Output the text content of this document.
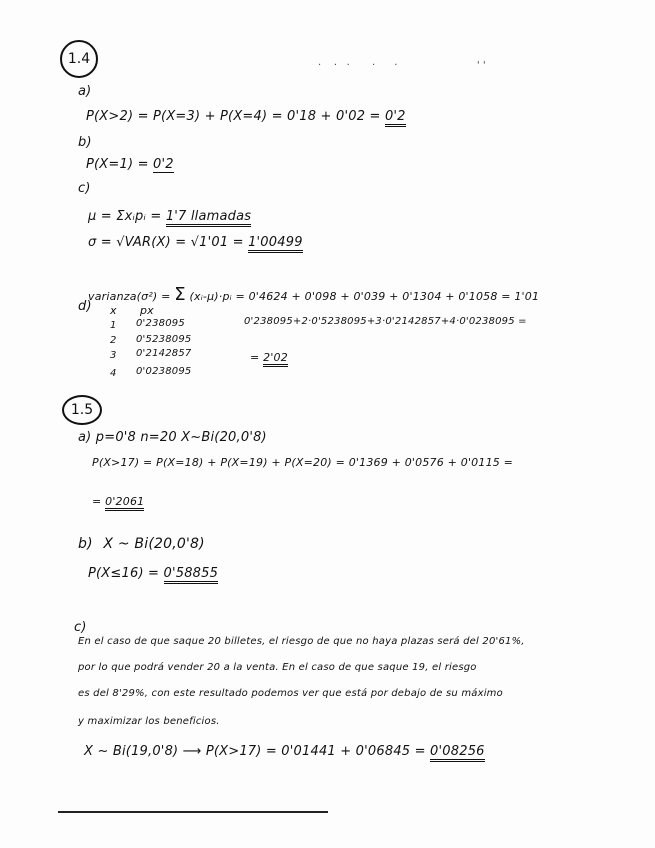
·    ·   ·       ·      ·                         ' '
1.4
a)
P(X>2) = P(X=3) + P(X=4) = 0'18 + 0'02 = 0'2
b)
P(X=1) = 0'2
c)
μ = Σxᵢpᵢ = 1'7 llamadas
σ = √VAR(X) = √1'01 = 1'00499
varianza(σ²) = Σ (xᵢ-μ)·pᵢ = 0'4624 + 0'098 + 0'039 + 0'1304 + 0'1058 = 1'01
d) x px
1 0'238095
2 0'5238095
3 0'2142857
4 0'0238095
0'238095+2·0'5238095+3·0'2142857+4·0'0238095 =
= 2'02
1.5
a) p=0'8 n=20 X~Bi(20,0'8)
P(X>17) = P(X=18) + P(X=19) + P(X=20) = 0'1369 + 0'0576 + 0'0115 =
= 0'2061
b) X ~ Bi(20,0'8)
P(X≤16) = 0'58855
c)
En el caso de que saque 20 billetes, el riesgo de que no haya plazas será del 20'61%,
por lo que podrá vender 20 a la venta. En el caso de que saque 19, el riesgo
es del 8'29%, con este resultado podemos ver que está por debajo de su máximo
y maximizar los beneficios.
X ~ Bi(19,0'8) ⟶ P(X>17) = 0'01441 + 0'06845 = 0'08256
